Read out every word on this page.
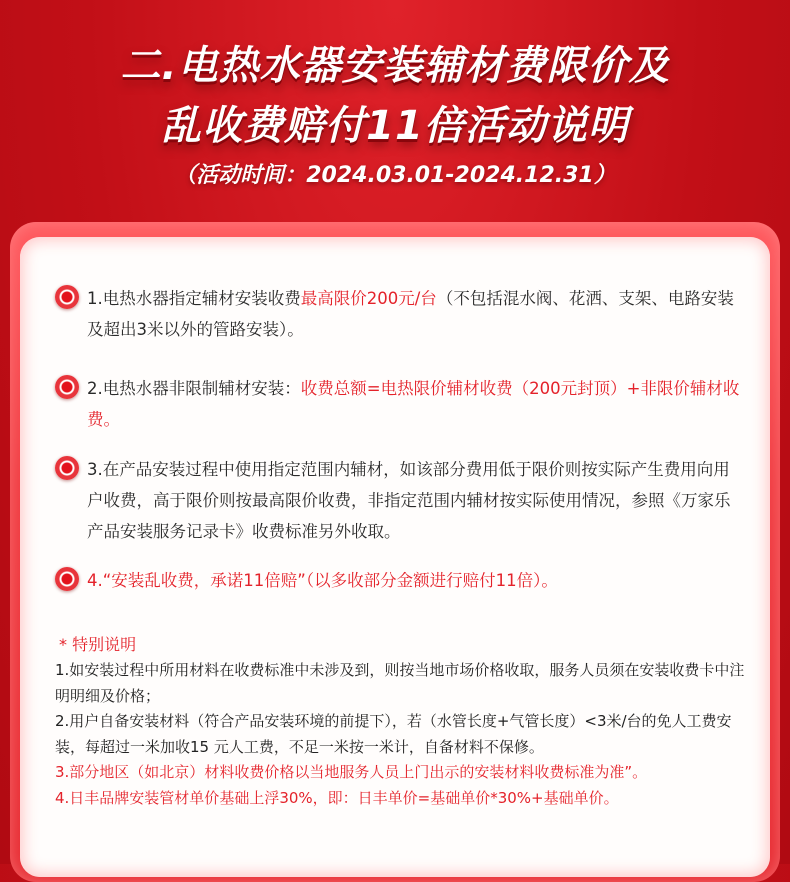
二.电热水器安装辅材费限价及
乱收费赔付11倍活动说明
（活动时间：2024.03.01-2024.12.31）
1.电热水器指定辅材安装收费最高限价200元/台（不包括混水阀、花洒、支架、电路安装及超出3米以外的管路安装）。
2.电热水器非限制辅材安装：收费总额=电热限价辅材收费（200元封顶）+非限价辅材收费。
3.在产品安装过程中使用指定范围内辅材，如该部分费用低于限价则按实际产生费用向用户收费，高于限价则按最高限价收费，非指定范围内辅材按实际使用情况，参照《万家乐产品安装服务记录卡》收费标准另外收取。
4.“安装乱收费，承诺11倍赔”（以多收部分金额进行赔付11倍）。
* 特别说明
1.如安装过程中所用材料在收费标准中未涉及到，则按当地市场价格收取，服务人员须在安装收费卡中注明明细及价格；
2.用户自备安装材料（符合产品安装环境的前提下），若（水管长度+气管长度）<3米/台的免人工费安装，每超过一米加收15 元人工费，不足一米按一米计，自备材料不保修。
3.部分地区（如北京）材料收费价格以当地服务人员上门出示的安装材料收费标准为准”。
4.日丰品牌安装管材单价基础上浮30%，即：日丰单价=基础单价*30%+基础单价。
